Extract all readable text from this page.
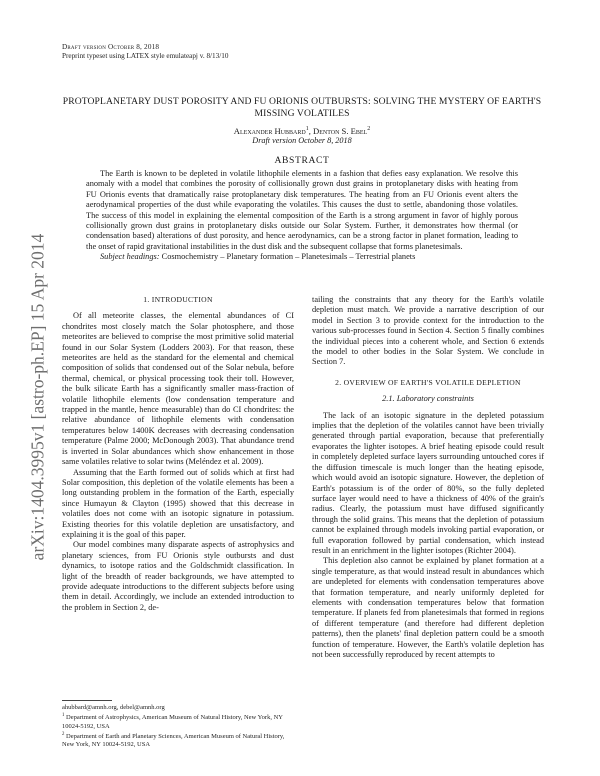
Draft version October 8, 2018
Preprint typeset using LATEX style emulateapj v. 8/13/10
arXiv:1404.3995v1 [astro-ph.EP] 15 Apr 2014
PROTOPLANETARY DUST POROSITY AND FU ORIONIS OUTBURSTS: SOLVING THE MYSTERY OF EARTH'S MISSING VOLATILES
Alexander Hubbard$^1$, Denton S. Ebel$^2$
Draft version October 8, 2018
ABSTRACT

The Earth is known to be depleted in volatile lithophile elements in a fashion that defies easy explanation. We resolve this anomaly with a model that combines the porosity of collisionally grown dust grains in protoplanetary disks with heating from FU Orionis events that dramatically raise protoplanetary disk temperatures. The heating from an FU Orionis event alters the aerodynamical properties of the dust while evaporating the volatiles. This causes the dust to settle, abandoning those volatiles. The success of this model in explaining the elemental composition of the Earth is a strong argument in favor of highly porous collisionally grown dust grains in protoplanetary disks outside our Solar System. Further, it demonstrates how thermal (or condensation based) alterations of dust porosity, and hence aerodynamics, can be a strong factor in planet formation, leading to the onset of rapid gravitational instabilities in the dust disk and the subsequent collapse that forms planetesimals.

Subject headings: Cosmochemistry – Planetary formation – Planetesimals – Terrestrial planets

1. INTRODUCTION

Of all meteorite classes, the elemental abundances of CI chondrites most closely match the Solar photosphere, and those meteorites are believed to comprise the most primitive solid material found in our Solar System (Lodders 2003). For that reason, these meteorites are held as the standard for the elemental and chemical composition of solids that condensed out of the Solar nebula, before thermal, chemical, or physical processing took their toll. However, the bulk silicate Earth has a significantly smaller mass-fraction of volatile lithophile elements (low condensation temperature and trapped in the mantle, hence measurable) than do CI chondrites: the relative abundance of lithophile elements with condensation temperatures below 1400K decreases with decreasing condensation temperature (Palme 2000; McDonough 2003). That abundance trend is inverted in Solar abundances which show enhancement in those same volatiles relative to solar twins (Meléndez et al. 2009).

Assuming that the Earth formed out of solids which at first had Solar composition, this depletion of the volatile elements has been a long outstanding problem in the formation of the Earth, especially since Humayun & Clayton (1995) showed that this decrease in volatiles does not come with an isotopic signature in potassium. Existing theories for this volatile depletion are unsatisfactory, and explaining it is the goal of this paper.

Our model combines many disparate aspects of astrophysics and planetary sciences, from FU Orionis style outbursts and dust dynamics, to isotope ratios and the Goldschmidt classification. In light of the breadth of reader backgrounds, we have attempted to provide adequate introductions to the different subjects before using them in detail. Accordingly, we include an extended introduction to the problem in Section 2, de-

ahubbard@amnh.org, debel@amnh.org

$^1$ Department of Astrophysics, American Museum of Natural History, New York, NY 10024-5192, USA

$^2$ Department of Earth and Planetary Sciences, American Museum of Natural History, New York, NY 10024-5192, USA

tailing the constraints that any theory for the Earth's volatile depletion must match. We provide a narrative description of our model in Section 3 to provide context for the introduction to the various sub-processes found in Section 4. Section 5 finally combines the individual pieces into a coherent whole, and Section 6 extends the model to other bodies in the Solar System. We conclude in Section 7.

2. OVERVIEW OF EARTH'S VOLATILE DEPLETION
2.1. Laboratory constraints

The lack of an isotopic signature in the depleted potassium implies that the depletion of the volatiles cannot have been trivially generated through partial evaporation, because that preferentially evaporates the lighter isotopes. A brief heating episode could result in completely depleted surface layers surrounding untouched cores if the diffusion timescale is much longer than the heating episode, which would avoid an isotopic signature. However, the depletion of Earth's potassium is of the order of 80%, so the fully depleted surface layer would need to have a thickness of 40% of the grain's radius. Clearly, the potassium must have diffused significantly through the solid grains. This means that the depletion of potassium cannot be explained through models invoking partial evaporation, or full evaporation followed by partial condensation, which instead result in an enrichment in the lighter isotopes (Richter 2004).

This depletion also cannot be explained by planet formation at a single temperature, as that would instead result in abundances which are undepleted for elements with condensation temperatures above that formation temperature, and nearly uniformly depleted for elements with condensation temperatures below that formation temperature. If planets fed from planetesimals that formed in regions of different temperature (and therefore had different depletion patterns), then the planets' final depletion pattern could be a smooth function of temperature. However, the Earth's volatile depletion has not been successfully reproduced by recent attempts to
